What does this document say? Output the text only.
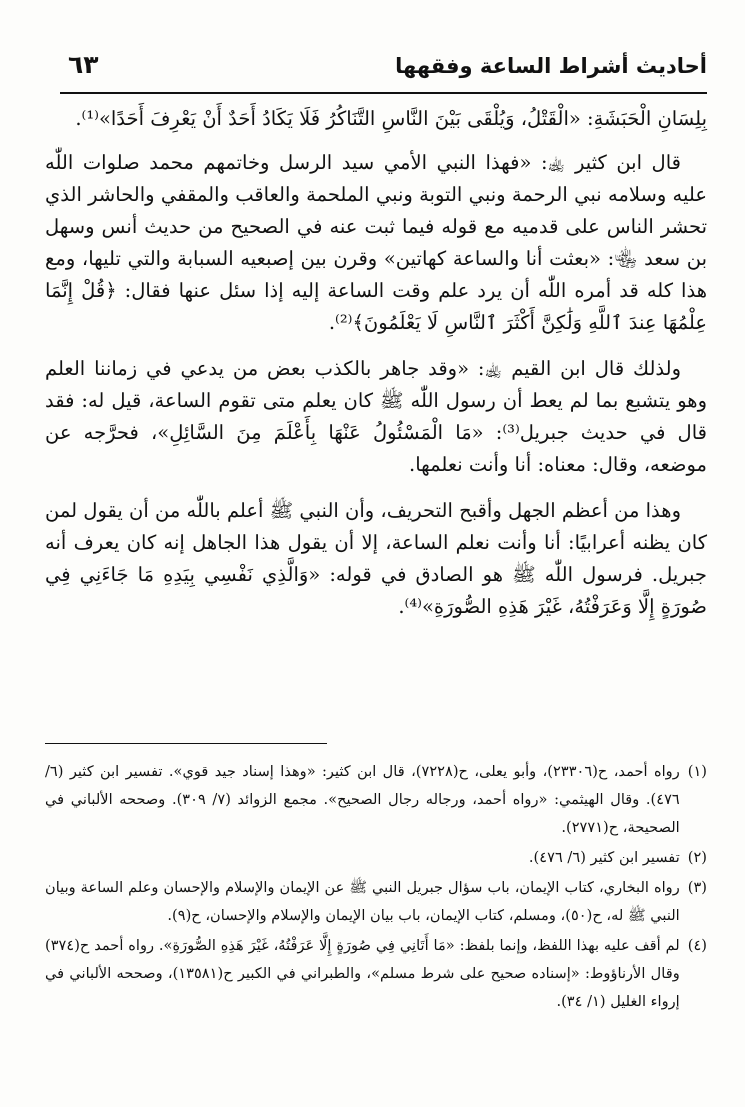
أحاديث أشراط الساعة وفقهها
٦٣

بِلِسَانِ الْحَبَشَةِ: «الْقَتْلُ، وَيُلْقَى بَيْنَ النَّاسِ التَّنَاكُرُ فَلَا يَكَادُ أَحَدٌ أَنْ يَعْرِفَ أَحَدًا»⁽¹⁾.

قال ابن كثير ﵀: «فهذا النبي الأمي سيد الرسل وخاتمهم محمد صلوات اللّٰه عليه وسلامه نبي الرحمة ونبي التوبة ونبي الملحمة والعاقب والمقفي والحاشر الذي تحشر الناس على قدميه مع قوله فيما ثبت عنه في الصحيح من حديث أنس وسهل بن سعد ﵄: «بعثت أنا والساعة كهاتين» وقرن بين إصبعيه السبابة والتي تليها، ومع هذا كله قد أمره اللّٰه أن يرد علم وقت الساعة إليه إذا سئل عنها فقال: ﴿قُلْ إِنَّمَا عِلْمُهَا عِندَ ٱللَّهِ وَلَٰكِنَّ أَكْثَرَ ٱلنَّاسِ لَا يَعْلَمُونَ﴾⁽²⁾.

ولذلك قال ابن القيم ﵀: «وقد جاهر بالكذب بعض من يدعي في زماننا العلم وهو يتشبع بما لم يعط أن رسول اللّٰه ﷺ كان يعلم متى تقوم الساعة، قيل له: فقد قال في حديث جبريل⁽³⁾: «مَا الْمَسْئُولُ عَنْهَا بِأَعْلَمَ مِنَ السَّائِلِ»، فحرَّجه عن موضعه، وقال: معناه: أنا وأنت نعلمها.

وهذا من أعظم الجهل وأقبح التحريف، وأن النبي ﷺ أعلم باللّٰه من أن يقول لمن كان يظنه أعرابيًا: أنا وأنت نعلم الساعة، إلا أن يقول هذا الجاهل إنه كان يعرف أنه جبريل. فرسول اللّٰه ﷺ هو الصادق في قوله: «وَالَّذِي نَفْسِي بِيَدِهِ مَا جَاءَنِي فِي صُورَةٍ إِلَّا وَعَرَفْتُهُ، غَيْرَ هَذِهِ الصُّورَةِ»⁽⁴⁾.

(١)
رواه أحمد، ح(٢٣٣٠٦)، وأبو يعلى، ح(٧٢٢٨)، قال ابن كثير: «وهذا إسناد جيد قوي». تفسير ابن كثير (٦/ ٤٧٦). وقال الهيثمي: «رواه أحمد، ورجاله رجال الصحيح». مجمع الزوائد (٧/ ٣٠٩). وصححه الألباني في الصحيحة، ح(٢٧٧١).
(٢)
تفسير ابن كثير (٦/ ٤٧٦).
(٣)
رواه البخاري، كتاب الإيمان، باب سؤال جبريل النبي ﷺ عن الإيمان والإسلام والإحسان وعلم الساعة وبيان النبي ﷺ له، ح(٥٠)، ومسلم، كتاب الإيمان، باب بيان الإيمان والإسلام والإحسان، ح(٩).
(٤)
لم أقف عليه بهذا اللفظ، وإنما بلفظ: «مَا أَتَانِي فِي صُورَةٍ إِلَّا عَرَفْتُهُ، غَيْرَ هَذِهِ الصُّورَةِ». رواه أحمد ح(٣٧٤) وقال الأرناؤوط: «إسناده صحيح على شرط مسلم»، والطبراني في الكبير ح(١٣٥٨١)، وصححه الألباني في إرواء الغليل (١/ ٣٤).
